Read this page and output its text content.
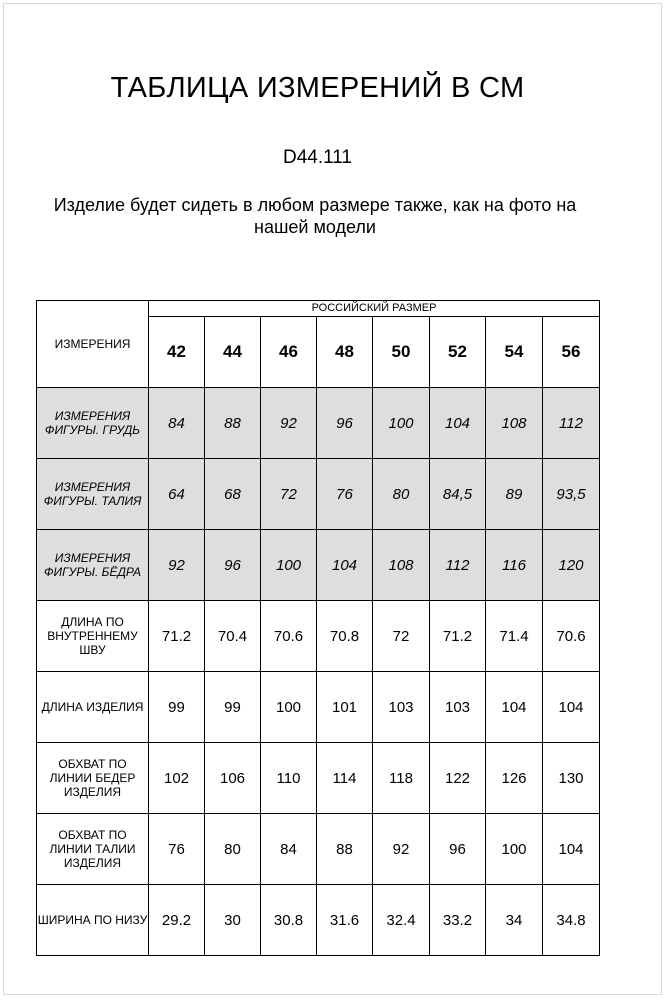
ТАБЛИЦА ИЗМЕРЕНИЙ В СМ
D44.111
Изделие будет сидеть в любом размере также, как на фото на нашей модели
ИЗМЕРЕНИЯ	РОССИЙСКИЙ РАЗМЕР							
	42	44	46	48	50	52	54	56
ИЗМЕРЕНИЯ ФИГУРЫ. ГРУДЬ	84	88	92	96	100	104	108	112
ИЗМЕРЕНИЯ ФИГУРЫ. ТАЛИЯ	64	68	72	76	80	84,5	89	93,5
ИЗМЕРЕНИЯ ФИГУРЫ. БЁДРА	92	96	100	104	108	112	116	120
ДЛИНА ПО ВНУТРЕННЕМУ ШВУ	71.2	70.4	70.6	70.8	72	71.2	71.4	70.6
ДЛИНА ИЗДЕЛИЯ	99	99	100	101	103	103	104	104
ОБХВАТ ПО ЛИНИИ БЕДЕР ИЗДЕЛИЯ	102	106	110	114	118	122	126	130
ОБХВАТ ПО ЛИНИИ ТАЛИИ ИЗДЕЛИЯ	76	80	84	88	92	96	100	104
ШИРИНА ПО НИЗУ	29.2	30	30.8	31.6	32.4	33.2	34	34.8
